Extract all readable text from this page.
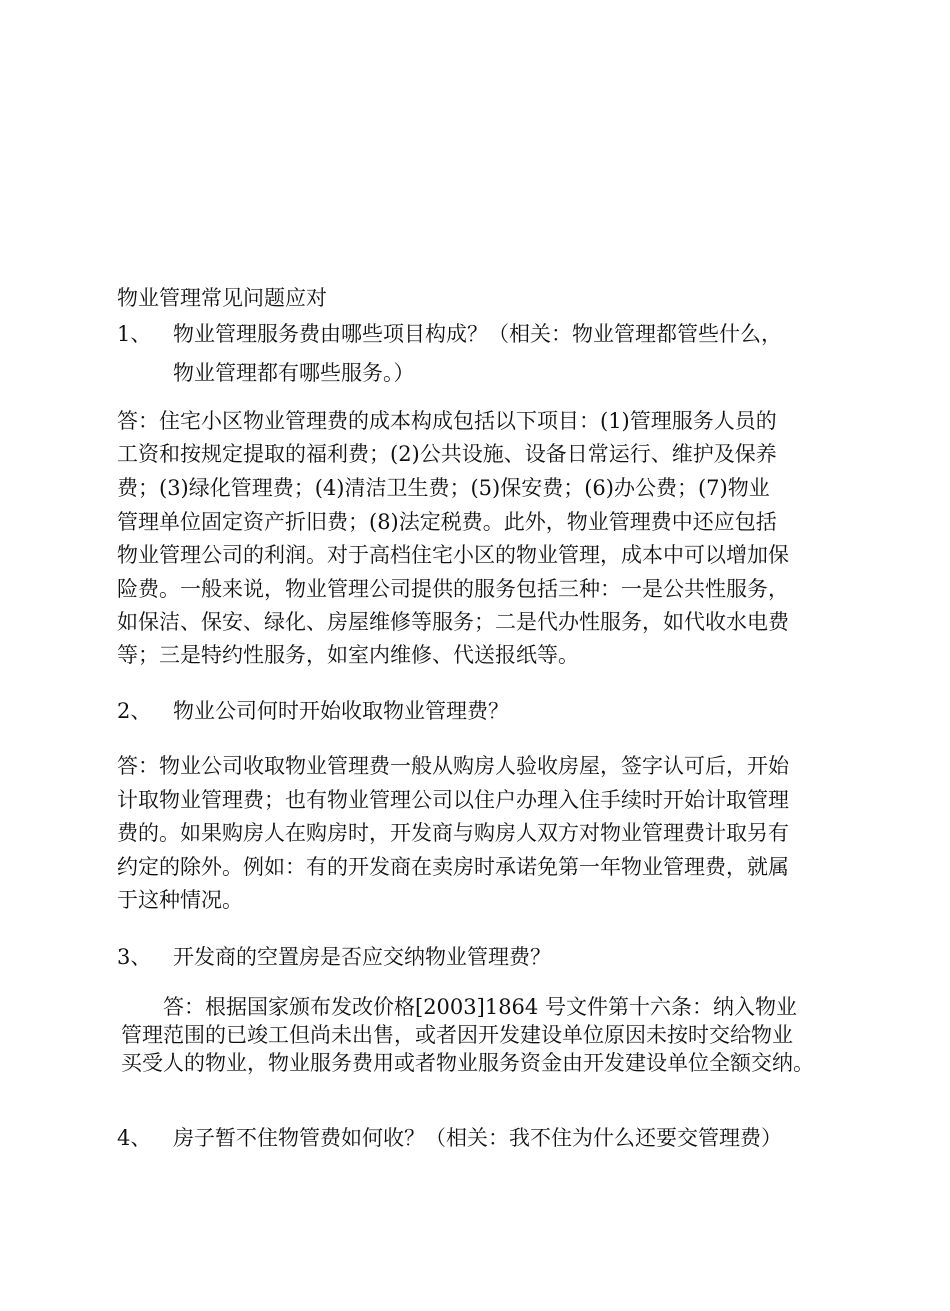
物业管理常见问题应对
1、 物业管理服务费由哪些项目构成？（相关：物业管理都管些什么，
物业管理都有哪些服务。）
答：住宅小区物业管理费的成本构成包括以下项目：(1)管理服务人员的
工资和按规定提取的福利费；(2)公共设施、设备日常运行、维护及保养
费；(3)绿化管理费；(4)清洁卫生费；(5)保安费；(6)办公费；(7)物业
管理单位固定资产折旧费；(8)法定税费。此外，物业管理费中还应包括
物业管理公司的利润。对于高档住宅小区的物业管理，成本中可以增加保
险费。一般来说，物业管理公司提供的服务包括三种：一是公共性服务，
如保洁、保安、绿化、房屋维修等服务；二是代办性服务，如代收水电费
等；三是特约性服务，如室内维修、代送报纸等。
2、 物业公司何时开始收取物业管理费？
答：物业公司收取物业管理费一般从购房人验收房屋，签字认可后，开始
计取物业管理费；也有物业管理公司以住户办理入住手续时开始计取管理
费的。如果购房人在购房时，开发商与购房人双方对物业管理费计取另有
约定的除外。例如：有的开发商在卖房时承诺免第一年物业管理费，就属
于这种情况。
3、 开发商的空置房是否应交纳物业管理费？
答：根据国家颁布发改价格[2003]1864 号文件第十六条：纳入物业
管理范围的已竣工但尚未出售，或者因开发建设单位原因未按时交给物业
买受人的物业，物业服务费用或者物业服务资金由开发建设单位全额交纳。
4、 房子暂不住物管费如何收？（相关：我不住为什么还要交管理费）
